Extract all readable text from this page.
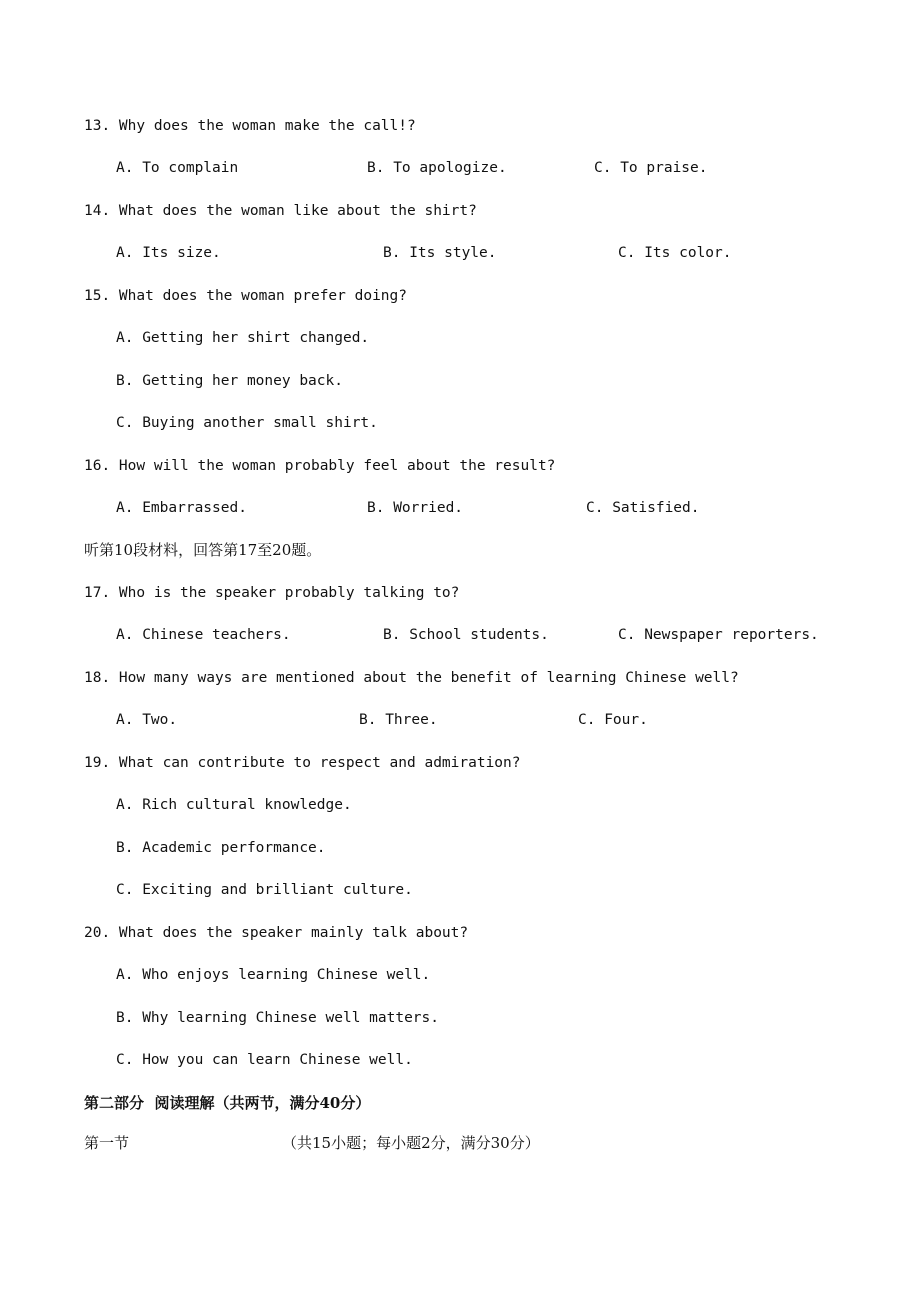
13. Why does the woman make the call!?
A. To complain	B. To apologize.	C. To praise.
14. What does the woman like about the shirt?
A. Its size.	B. Its style.	C. Its color.
15. What does the woman prefer doing?
A. Getting her shirt changed.
B. Getting her money back.
C. Buying another small shirt.
16. How will the woman probably feel about the result?
A. Embarrassed.	B. Worried.	C. Satisfied.
听第10段材料，回答第17至20题。
17. Who is the speaker probably talking to?
A. Chinese teachers.	B. School students.	C. Newspaper reporters.
18. How many ways are mentioned about the benefit of learning Chinese well?
A. Two.	B. Three.	C. Four.
19. What can contribute to respect and admiration?
A. Rich cultural knowledge.
B. Academic performance.
C. Exciting and brilliant culture.
20. What does the speaker mainly talk about?
A. Who enjoys learning Chinese well.
B. Why learning Chinese well matters.
C. How you can learn Chinese well.
第二部分  阅读理解（共两节，满分40分）
第一节	（共15小题；每小题2分，满分30分）
